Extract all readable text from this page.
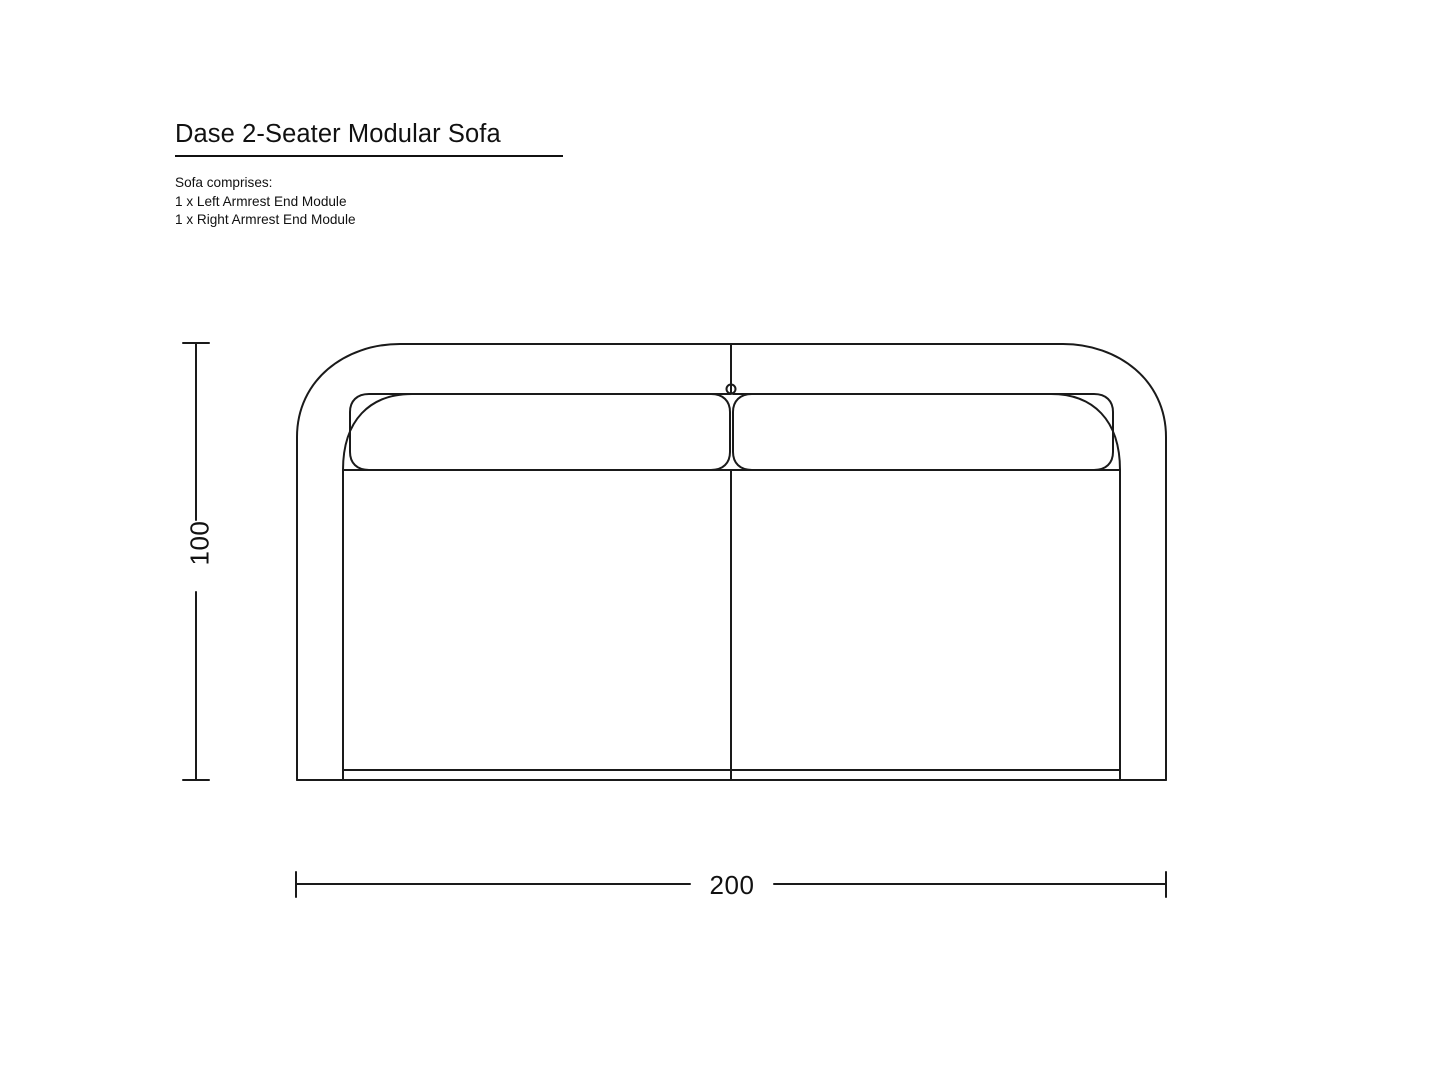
Dase 2-Seater Modular Sofa
Sofa comprises:
1 x Left Armrest End Module
1 x Right Armrest End Module
100
200
